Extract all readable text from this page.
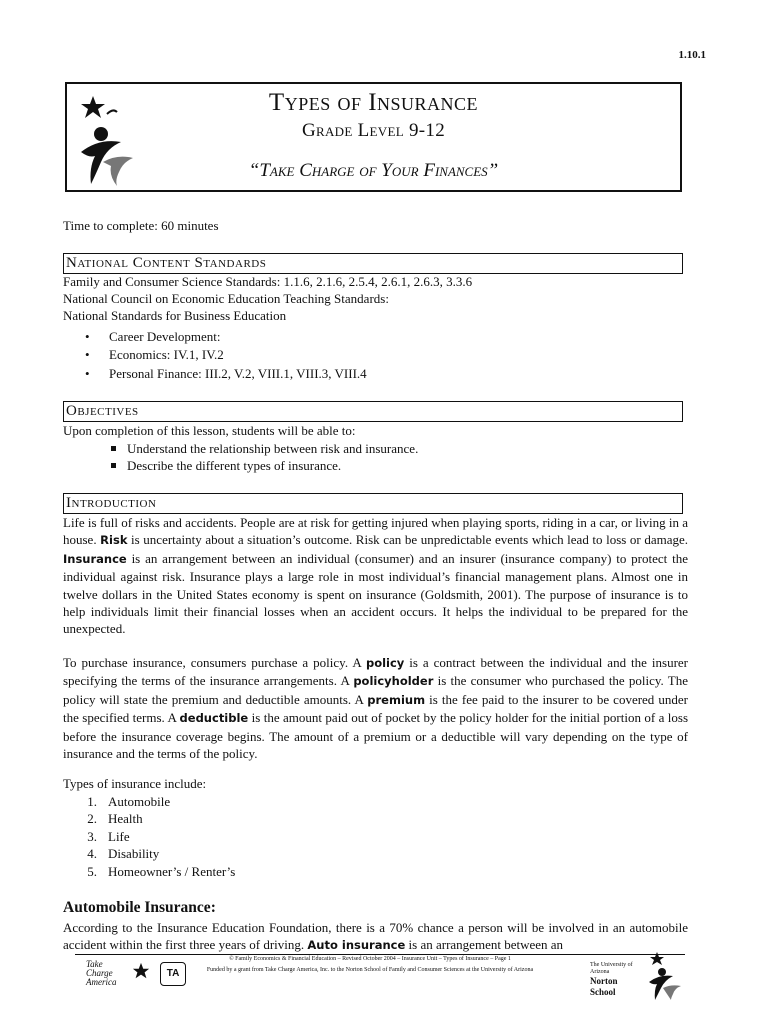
1.10.1
Types of Insurance
Grade Level 9-12
“Take Charge of Your Finances”
Time to complete: 60 minutes
National Content Standards
Family and Consumer Science Standards: 1.1.6, 2.1.6, 2.5.4, 2.6.1, 2.6.3, 3.3.6
National Council on Economic Education Teaching Standards:
National Standards for Business Education
• Career Development:
• Economics: IV.1, IV.2
• Personal Finance: III.2, V.2, VIII.1, VIII.3, VIII.4
Objectives
Upon completion of this lesson, students will be able to:
Understand the relationship between risk and insurance.
Describe the different types of insurance.
Introduction
Life is full of risks and accidents. People are at risk for getting injured when playing sports, riding in a car, or living in a house. Risk is uncertainty about a situation’s outcome. Risk can be unpredictable events which lead to loss or damage. Insurance is an arrangement between an individual (consumer) and an insurer (insurance company) to protect the individual against risk. Insurance plays a large role in most individual’s financial management plans. Almost one in twelve dollars in the United States economy is spent on insurance (Goldsmith, 2001). The purpose of insurance is to help individuals limit their financial losses when an accident occurs. It helps the individual to be prepared for the unexpected.
To purchase insurance, consumers purchase a policy. A policy is a contract between the individual and the insurer specifying the terms of the insurance arrangements. A policyholder is the consumer who purchased the policy. The policy will state the premium and deductible amounts. A premium is the fee paid to the insurer to be covered under the specified terms. A deductible is the amount paid out of pocket by the policy holder for the initial portion of a loss before the insurance coverage begins. The amount of a premium or a deductible will vary depending on the type of insurance and the terms of the policy.
Types of insurance include:
1. Automobile
2. Health
3. Life
4. Disability
5. Homeowner’s / Renter’s
Automobile Insurance:
According to the Insurance Education Foundation, there is a 70% chance a person will be involved in an automobile accident within the first three years of driving. Auto insurance is an arrangement between an
© Family Economics & Financial Education – Revised October 2004 – Insurance Unit – Types of Insurance – Page 1
Funded by a grant from Take Charge America, Inc. to the Norton School of Family and Consumer Sciences at the University of Arizona
Take Charge America
TA
The University of Arizona
Norton School
